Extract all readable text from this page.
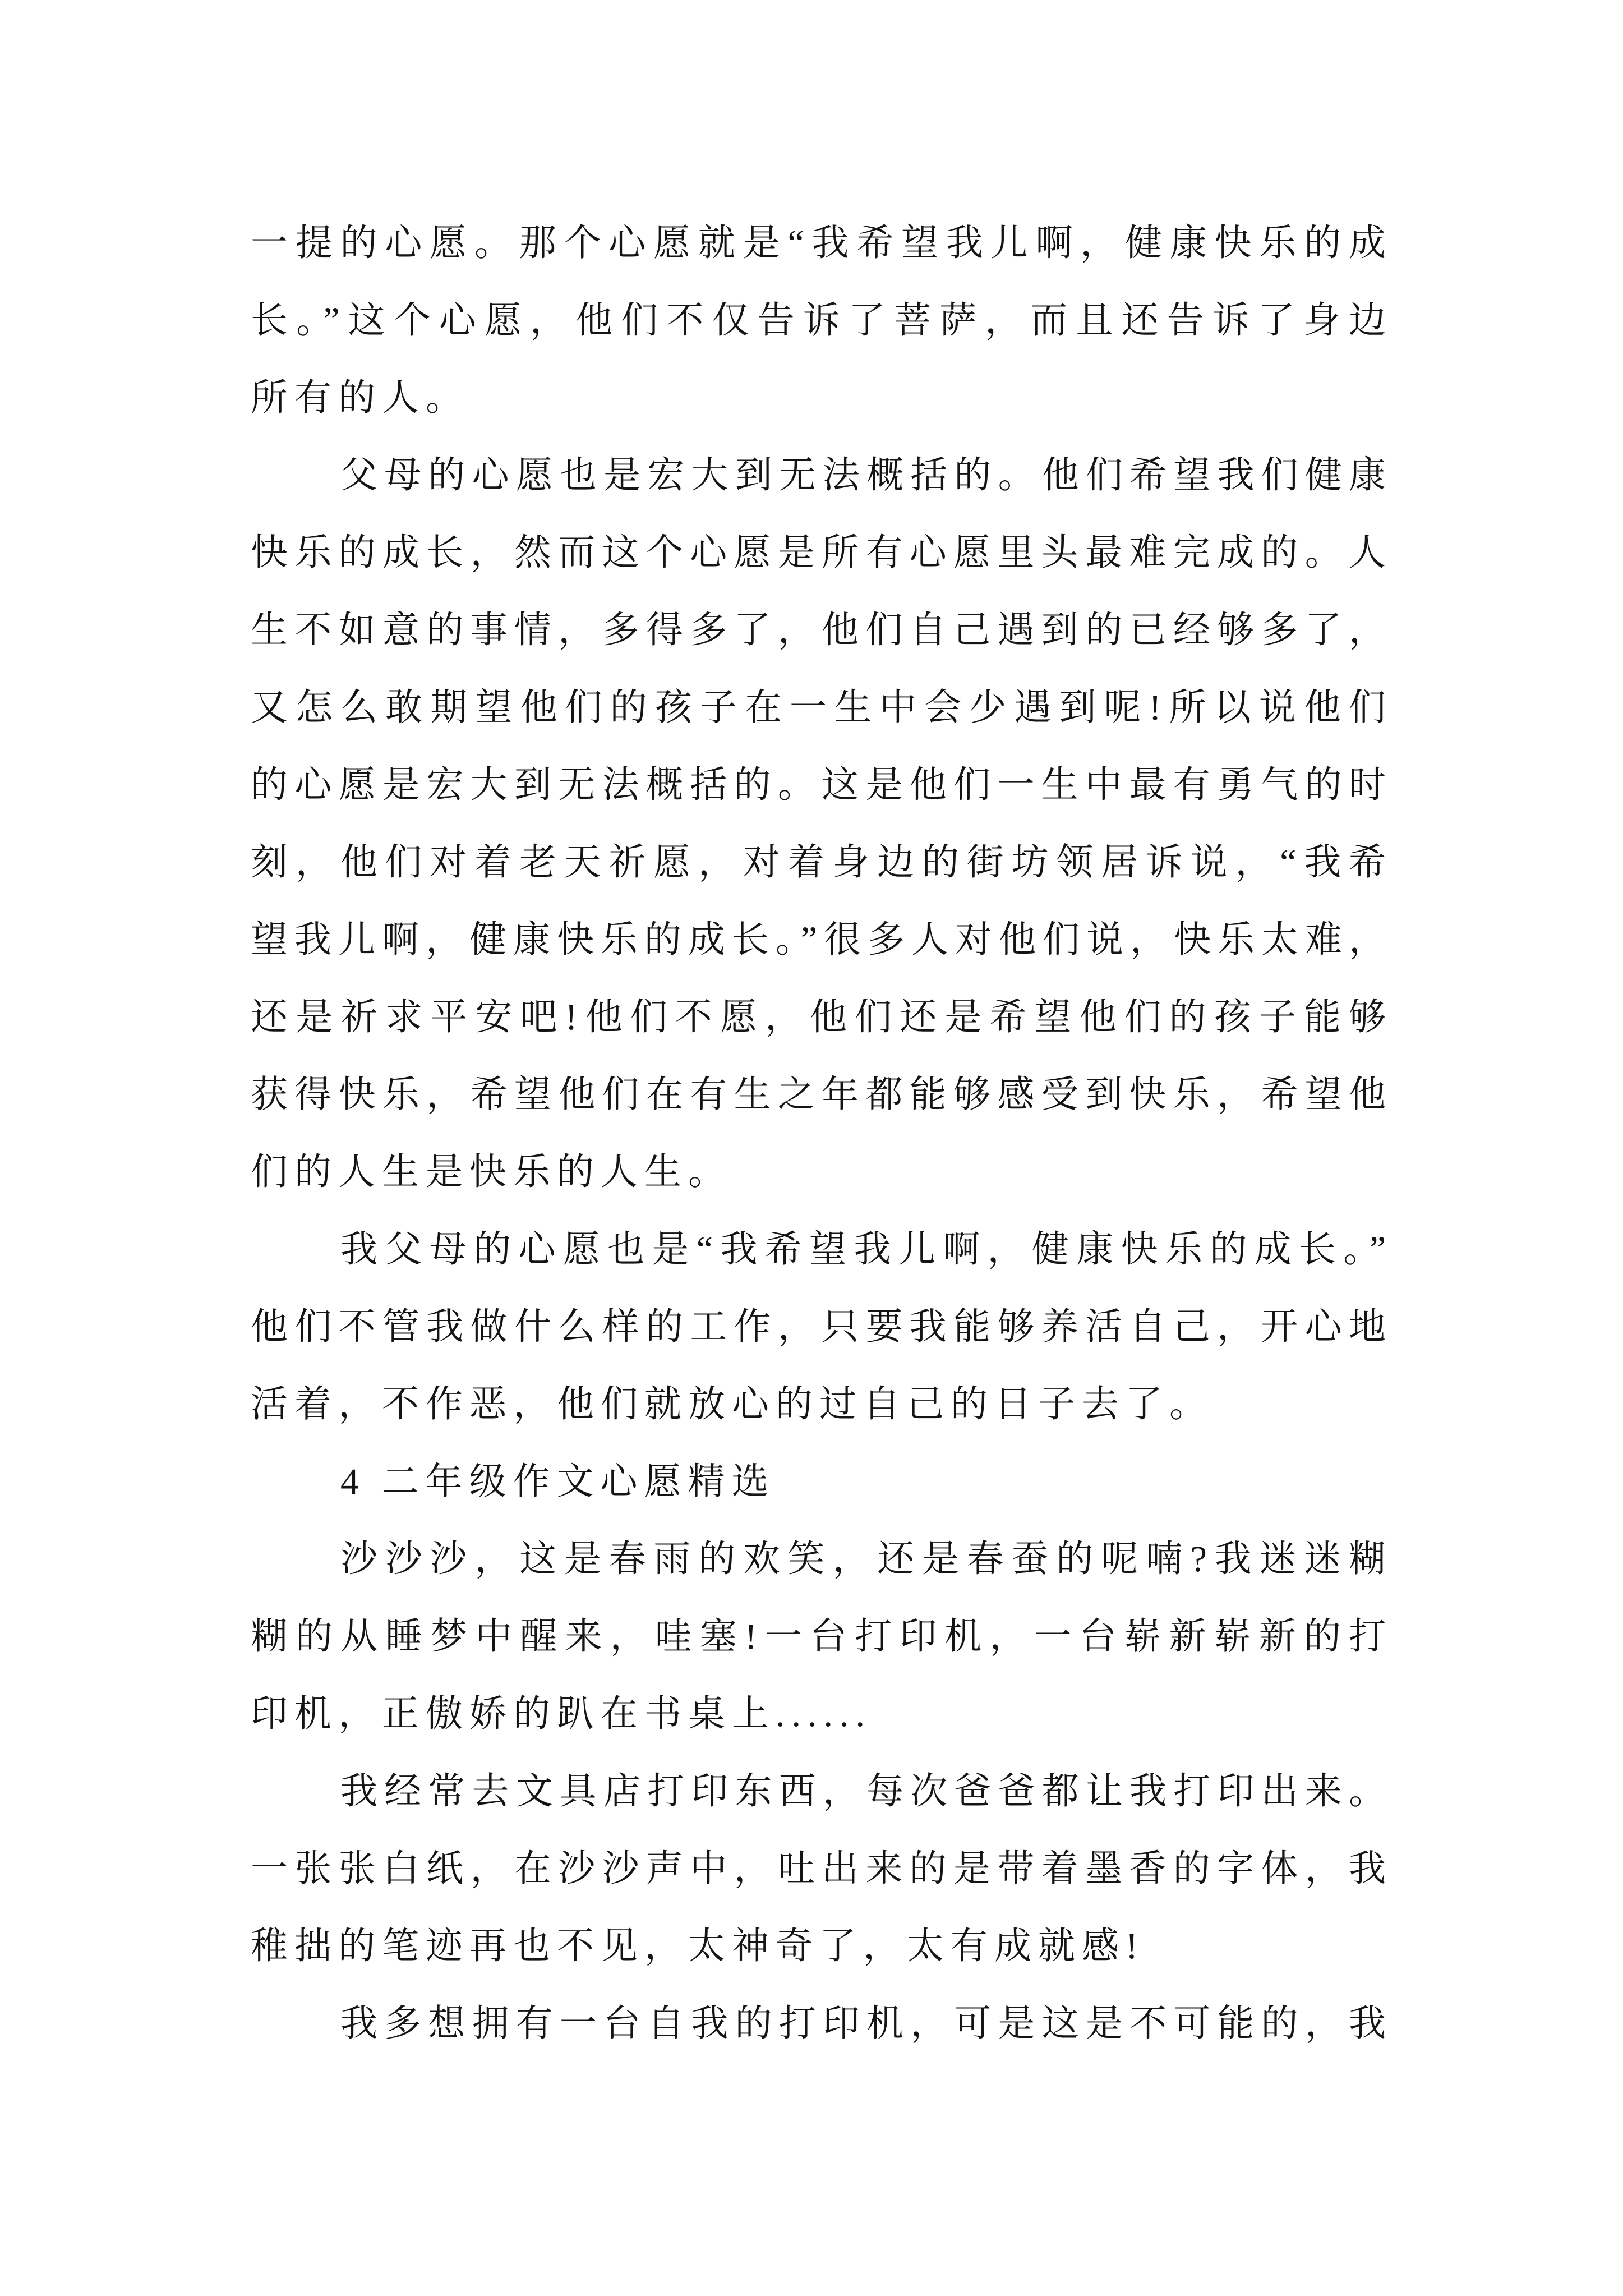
一提的心愿。那个心愿就是“我希望我儿啊，健康快乐的成
长。”这个心愿，他们不仅告诉了菩萨，而且还告诉了身边
所有的人。
父母的心愿也是宏大到无法概括的。他们希望我们健康
快乐的成长，然而这个心愿是所有心愿里头最难完成的。人
生不如意的事情，多得多了，他们自己遇到的已经够多了，
又怎么敢期望他们的孩子在一生中会少遇到呢!所以说他们
的心愿是宏大到无法概括的。这是他们一生中最有勇气的时
刻，他们对着老天祈愿，对着身边的街坊领居诉说，“我希
望我儿啊，健康快乐的成长。”很多人对他们说，快乐太难，
还是祈求平安吧!他们不愿，他们还是希望他们的孩子能够
获得快乐，希望他们在有生之年都能够感受到快乐，希望他
们的人生是快乐的人生。
我父母的心愿也是“我希望我儿啊，健康快乐的成长。”
他们不管我做什么样的工作，只要我能够养活自己，开心地
活着，不作恶，他们就放心的过自己的日子去了。
4 二年级作文心愿精选
沙沙沙，这是春雨的欢笑，还是春蚕的呢喃?我迷迷糊
糊的从睡梦中醒来，哇塞!一台打印机，一台崭新崭新的打
印机，正傲娇的趴在书桌上......
我经常去文具店打印东西，每次爸爸都让我打印出来。
一张张白纸，在沙沙声中，吐出来的是带着墨香的字体，我
稚拙的笔迹再也不见，太神奇了，太有成就感!
我多想拥有一台自我的打印机，可是这是不可能的，我
